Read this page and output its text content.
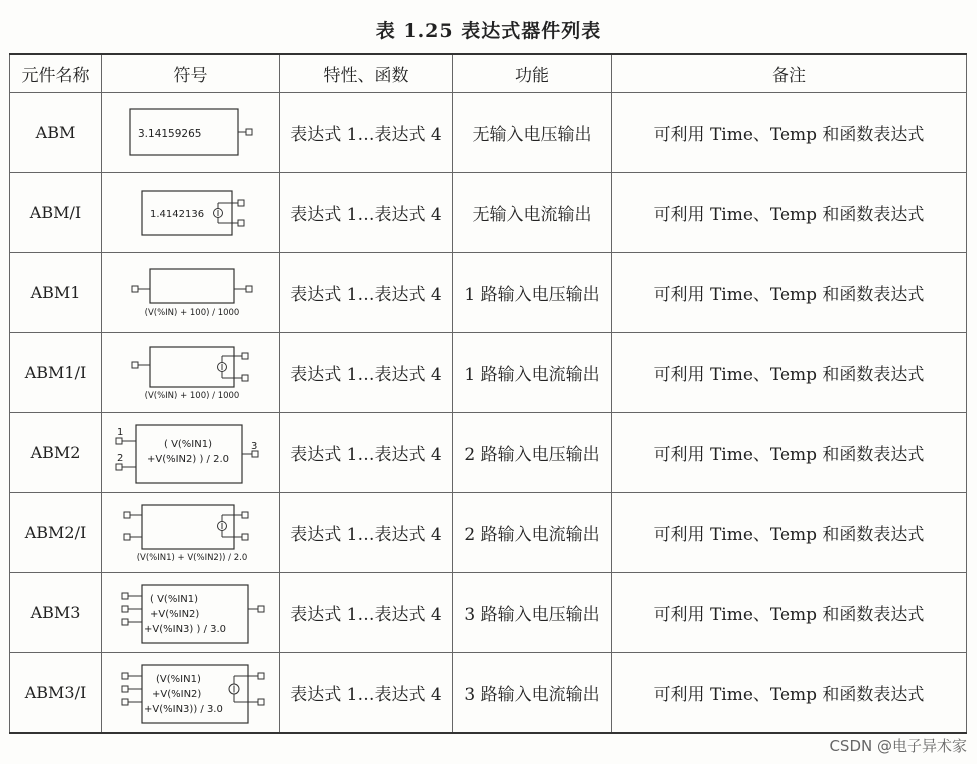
表 1.25 表达式器件列表
元件名称	符号	特性、函数	功能	备注
ABM	3.14159265	表达式 1…表达式 4	无输入电压输出	可利用 Time、Temp 和函数表达式
ABM/I	1.4142136	表达式 1…表达式 4	无输入电流输出	可利用 Time、Temp 和函数表达式
ABM1	(V(%IN) + 100) / 1000	表达式 1…表达式 4	1 路输入电压输出	可利用 Time、Temp 和函数表达式
ABM1/I	(V(%IN) + 100) / 1000	表达式 1…表达式 4	1 路输入电流输出	可利用 Time、Temp 和函数表达式
ABM2	1
2
3
( V(%IN1)
+V(%IN2) ) / 2.0	表达式 1…表达式 4	2 路输入电压输出	可利用 Time、Temp 和函数表达式
ABM2/I	(V(%IN1) + V(%IN2)) / 2.0	表达式 1…表达式 4	2 路输入电流输出	可利用 Time、Temp 和函数表达式
ABM3	( V(%IN1)
+V(%IN2)
+V(%IN3) ) / 3.0	表达式 1…表达式 4	3 路输入电压输出	可利用 Time、Temp 和函数表达式
ABM3/I	(V(%IN1)
+V(%IN2)
+V(%IN3)) / 3.0	表达式 1…表达式 4	3 路输入电流输出	可利用 Time、Temp 和函数表达式
CSDN @电子异术家
